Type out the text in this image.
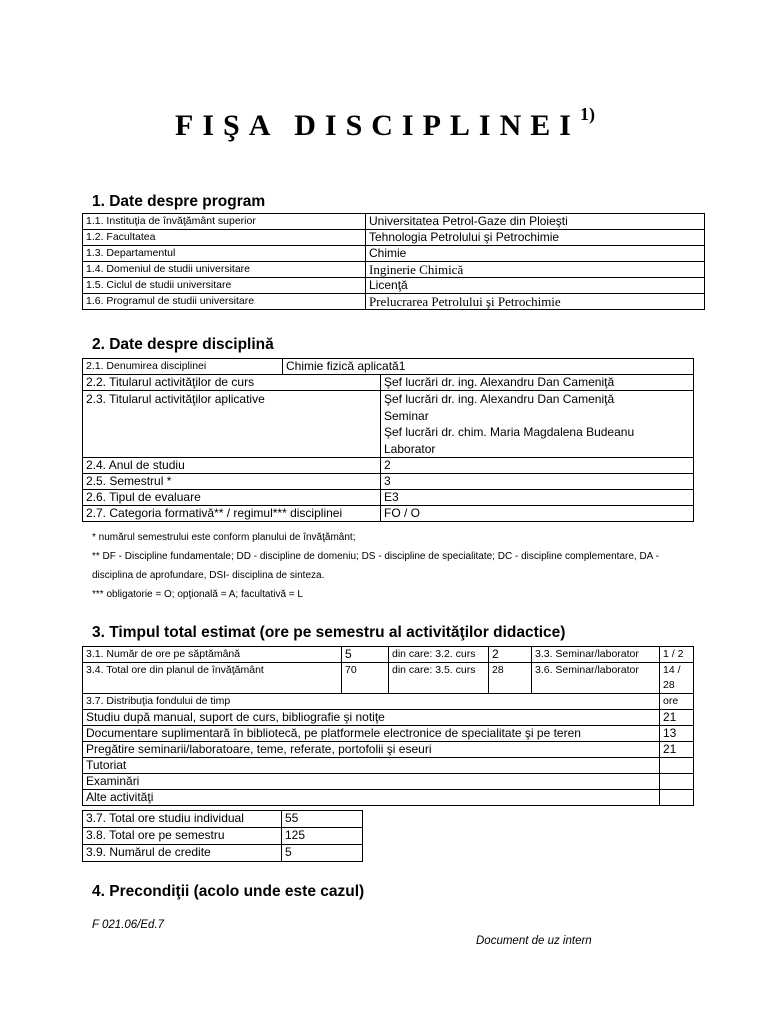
FIŞA DISCIPLINEI$^{1)}$
1. Date despre program
1.1. Instituţia de învăţământ superior	Universitatea Petrol-Gaze din Ploieşti
1.2. Facultatea	Tehnologia Petrolului şi Petrochimie
1.3. Departamentul	Chimie
1.4. Domeniul de studii universitare	Inginerie Chimică
1.5. Ciclul de studii universitare	Licenţă
1.6. Programul de studii universitare	Prelucrarea Petrolului şi Petrochimie
2. Date despre disciplină
2.1. Denumirea disciplinei	Chimie fizică aplicată1	
2.2. Titularul activităţilor de curs		Şef lucrări dr. ing. Alexandru Dan Cameniţă
2.3. Titularul activităţilor aplicative		Şef lucrări dr. ing. Alexandru Dan Cameniţă
Seminar
Şef lucrări dr. chim. Maria Magdalena Budeanu
Laborator

2.4. Anul de studiu		2
2.5. Semestrul *		3
2.6. Tipul de evaluare		E3
2.7. Categoria formativă** / regimul*** disciplinei		FO / O
* numărul semestrului este conform planului de învăţământ;
** DF - Discipline fundamentale; DD - discipline de domeniu; DS - discipline de specialitate; DC - discipline complementare, DA - disciplina de aprofundare, DSI- disciplina de sinteza.
*** obligatorie = O; opţională = A; facultativă = L
3. Timpul total estimat (ore pe semestru al activităţilor didactice)
3.1. Număr de ore pe săptămână	5	din care: 3.2. curs	2	3.3. Seminar/laborator	1 / 2
3.4. Total ore din planul de învăţământ	70	din care: 3.5. curs	28	3.6. Seminar/laborator	14 / 28
3.7. Distribuţia fondului de timp					ore
Studiu după manual, suport de curs, bibliografie şi notiţe					21
Documentare suplimentară în bibliotecă, pe platformele electronice de specialitate şi pe teren					13
Pregătire seminarii/laboratoare, teme, referate, portofolii şi eseuri					21
Tutoriat					
Examinări					
Alte activităţi					
3.7. Total ore studiu individual	55
3.8. Total ore pe semestru	125
3.9. Numărul de credite	5
4. Precondiţii (acolo unde este cazul)
F 021.06/Ed.7
Document de uz intern
